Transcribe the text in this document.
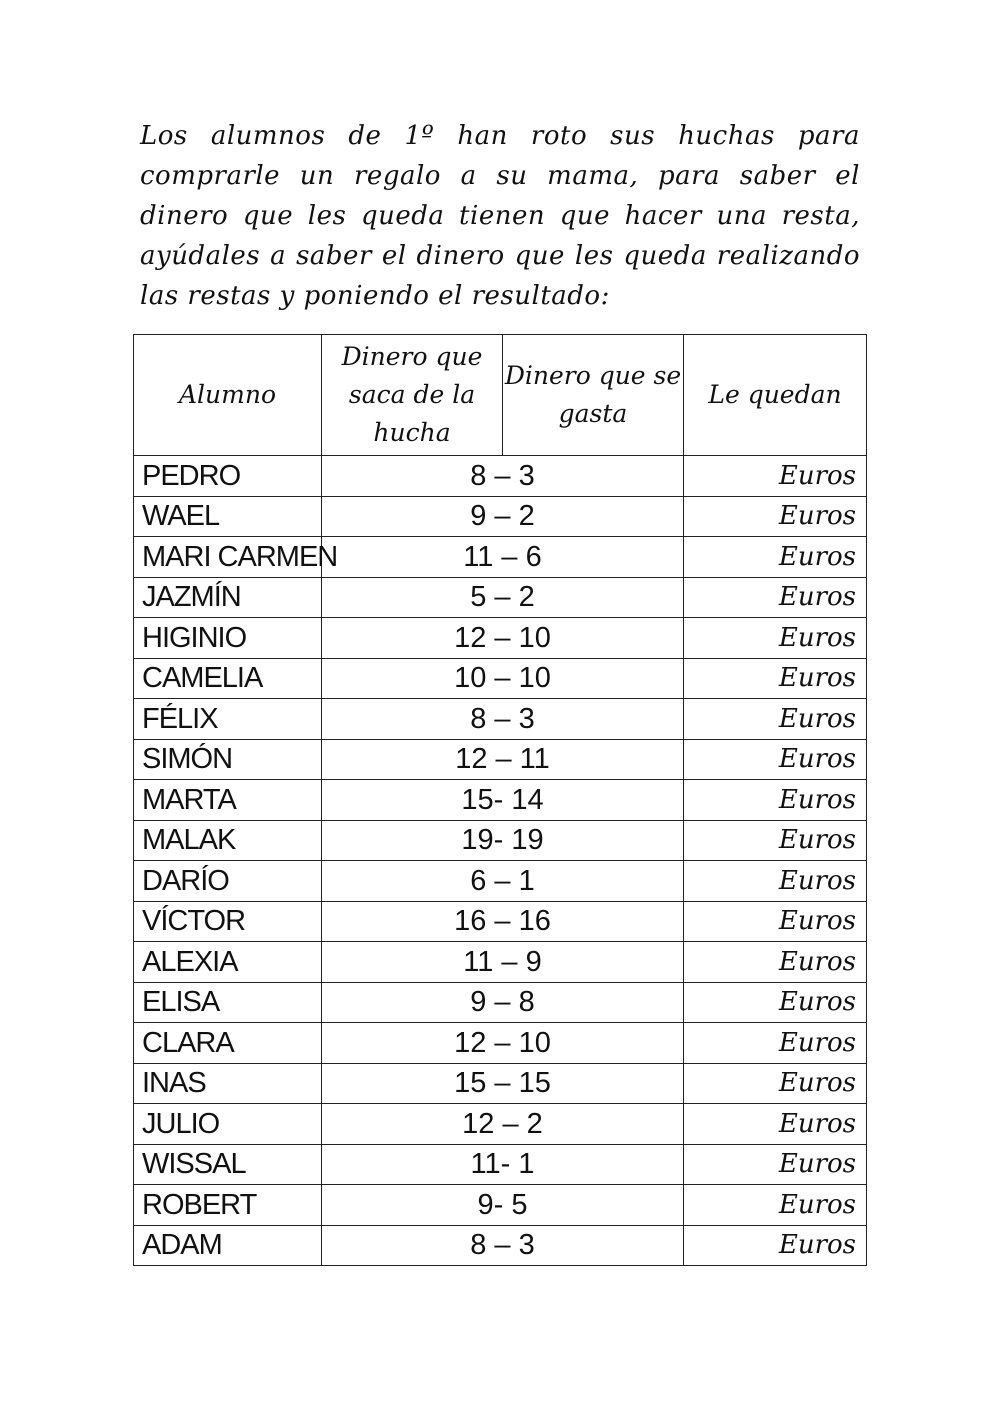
Los alumnos de 1º han roto sus huchas para comprarle un regalo a su mama, para saber el dinero que les queda tienen que hacer una resta, ayúdales a saber el dinero que les queda realizando las restas y poniendo el resultado:

Alumno	Dinero que saca de la hucha	Dinero que se gasta	Le quedan
PEDRO	8 – 3		Euros
WAEL	9 – 2		Euros
MARI CARMEN	11 – 6		Euros
JAZMÍN	5 – 2		Euros
HIGINIO	12 – 10		Euros
CAMELIA	10 – 10		Euros
FÉLIX	8 – 3		Euros
SIMÓN	12 – 11		Euros
MARTA	15- 14		Euros
MALAK	19- 19		Euros
DARÍO	6 – 1		Euros
VÍCTOR	16 – 16		Euros
ALEXIA	11 – 9		Euros
ELISA	9 – 8		Euros
CLARA	12 – 10		Euros
INAS	15 – 15		Euros
JULIO	12 – 2		Euros
WISSAL	11- 1		Euros
ROBERT	9- 5		Euros
ADAM	8 – 3		Euros
